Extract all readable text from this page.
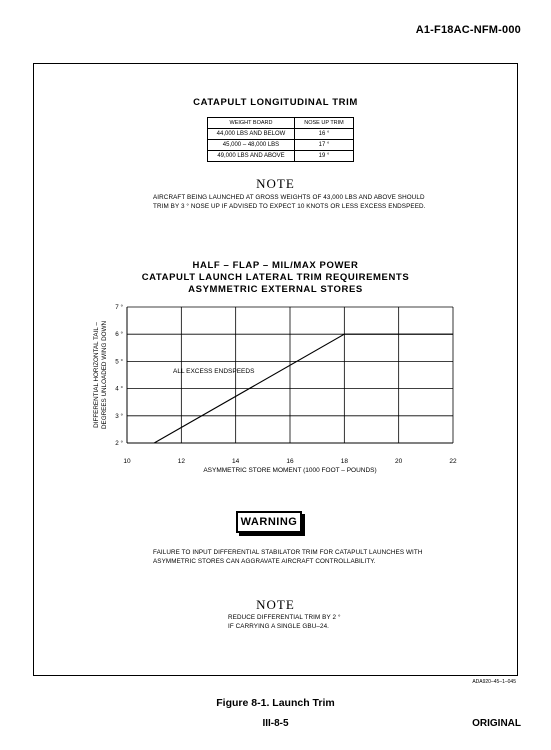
A1-F18AC-NFM-000
CATAPULT LONGITUDINAL TRIM
WEIGHT BOARD	NOSE UP TRIM
44,000 LBS AND BELOW	16 °
45,000 – 48,000 LBS	17 °
49,000 LBS AND ABOVE	19 °
NOTE
AIRCRAFT BEING LAUNCHED AT GROSS WEIGHTS OF 43,000 LBS AND ABOVE SHOULD
TRIM BY 3 ° NOSE UP IF ADVISED TO EXPECT 10 KNOTS OR LESS EXCESS ENDSPEED.
HALF – FLAP – MIL/MAX POWER
CATAPULT LAUNCH LATERAL TRIM REQUIREMENTS
ASYMMETRIC EXTERNAL STORES
10	12	14	16	18	20	22
2 °
3 °
4 °
5 °
6 °
7 °
ASYMMETRIC STORE MOMENT (1000 FOOT – POUNDS)
DIFFERENTIAL HORIZONTAL TAIL – DEGREES UNLOADED WING DOWN	ALL EXCESS ENDSPEEDS
WARNING
FAILURE TO INPUT DIFFERENTIAL STABILATOR TRIM FOR CATAPULT LAUNCHES WITH
ASYMMETRIC STORES CAN AGGRAVATE AIRCRAFT CONTROLLABILITY.
NOTE
REDUCE DIFFERENTIAL TRIM BY 2 °
IF CARRYING A SINGLE GBU–24.
ADA920–45–1–045
Figure 8-1. Launch Trim
III-8-5	ORIGINAL
